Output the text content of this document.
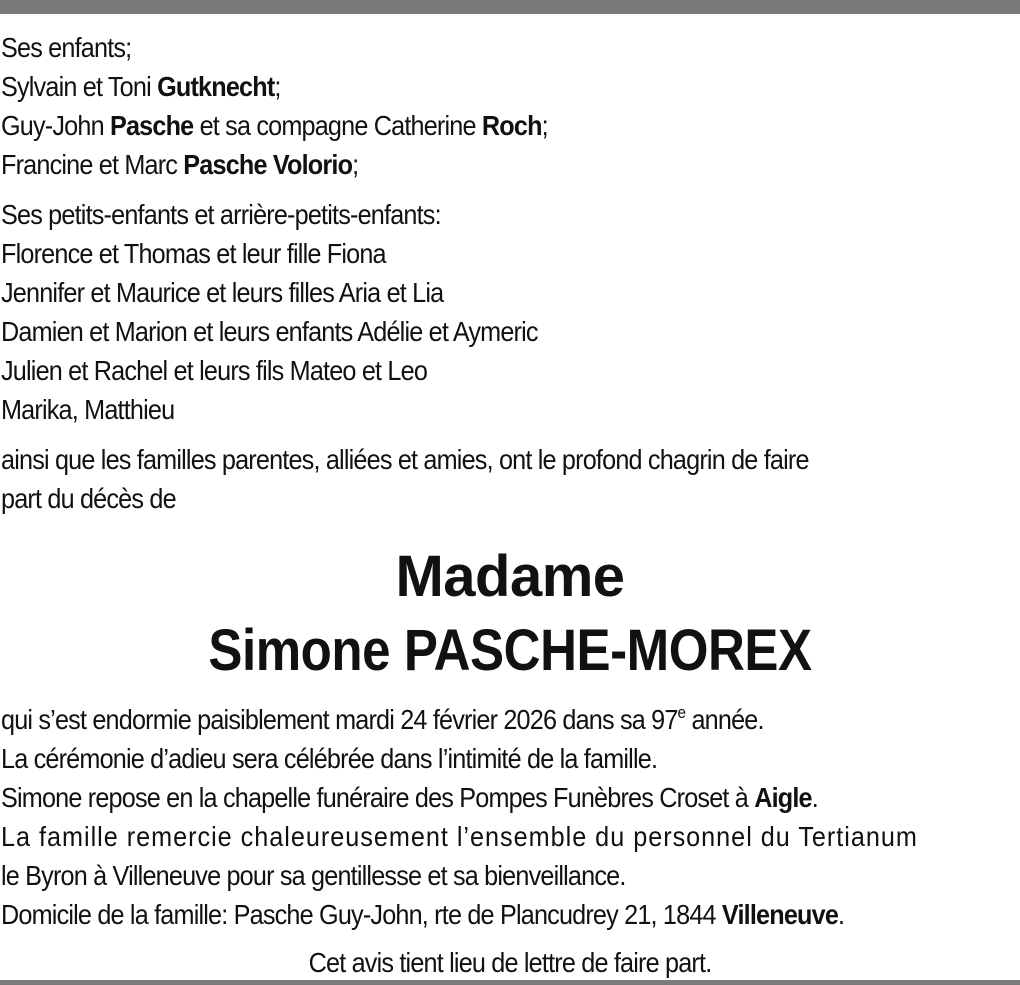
Ses enfants;
Sylvain et Toni Gutknecht;
Guy-John Pasche et sa compagne Catherine Roch;
Francine et Marc Pasche Volorio;
Ses petits-enfants et arrière-petits-enfants:
Florence et Thomas et leur fille Fiona
Jennifer et Maurice et leurs filles Aria et Lia
Damien et Marion et leurs enfants Adélie et Aymeric
Julien et Rachel et leurs fils Mateo et Leo
Marika, Matthieu
ainsi que les familles parentes, alliées et amies, ont le profond chagrin de faire
part du décès de
Madame
Simone PASCHE-MOREX
qui s’est endormie paisiblement mardi 24 février 2026 dans sa 97e année.
La cérémonie d’adieu sera célébrée dans l’intimité de la famille.
Simone repose en la chapelle funéraire des Pompes Funèbres Croset à Aigle.
La famille remercie chaleureusement l’ensemble du personnel du Tertianum
le Byron à Villeneuve pour sa gentillesse et sa bienveillance.
Domicile de la famille: Pasche Guy-John, rte de Plancudrey 21, 1844 Villeneuve.
Cet avis tient lieu de lettre de faire part.
